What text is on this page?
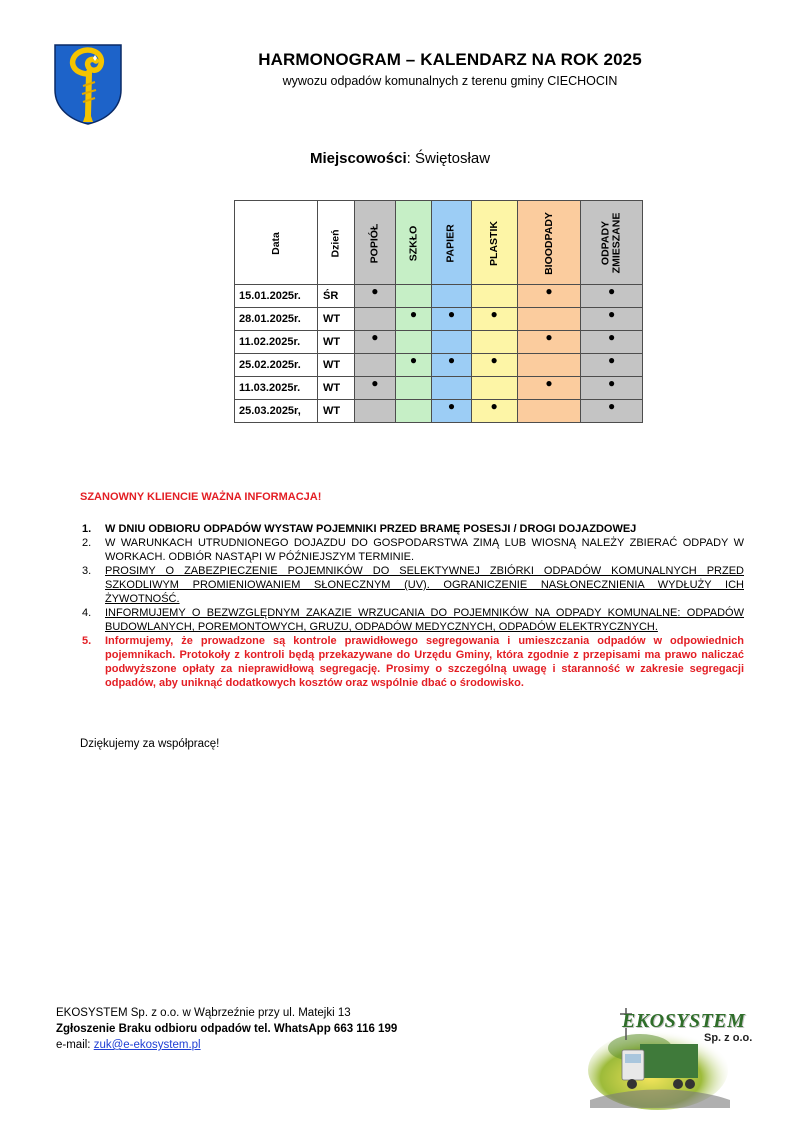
HARMONOGRAM – KALENDARZ NA ROK 2025
wywozu odpadów komunalnych z terenu gminy CIECHOCIN
Miejscowości: Świętosław
Data	Dzień	POPIÓŁ	SZKŁO	PAPIER	PLASTIK	BIOODPADY	ODPADY
ZMIESZANE
15.01.2025r.	ŚR	●				●	●
28.01.2025r.	WT		●	●	●		●
11.02.2025r.	WT	●				●	●
25.02.2025r.	WT		●	●	●		●
11.03.2025r.	WT	●				●	●
25.03.2025r,	WT			●	●		●
SZANOWNY KLIENCIE WAŻNA INFORMACJA!
1. W DNIU ODBIORU ODPADÓW WYSTAW POJEMNIKI PRZED BRAMĘ POSESJI / DROGI DOJAZDOWEJ
2. W WARUNKACH UTRUDNIONEGO DOJAZDU DO GOSPODARSTWA ZIMĄ LUB WIOSNĄ NALEŻY ZBIERAĆ ODPADY W WORKACH. ODBIÓR NASTĄPI W PÓŹNIEJSZYM TERMINIE.
3. PROSIMY O ZABEZPIECZENIE POJEMNIKÓW DO SELEKTYWNEJ ZBIÓRKI ODPADÓW KOMUNALNYCH PRZED SZKODLIWYM PROMIENIOWANIEM SŁONECZNYM (UV). OGRANICZENIE NASŁONECZNIENIA WYDŁUŻY ICH ŻYWOTNOŚĆ.
4. INFORMUJEMY O BEZWZGLĘDNYM ZAKAZIE WRZUCANIA DO POJEMNIKÓW NA ODPADY KOMUNALNE: ODPADÓW BUDOWLANYCH, POREMONTOWYCH, GRUZU, ODPADÓW MEDYCZNYCH, ODPADÓW ELEKTRYCZNYCH.
5. Informujemy, że prowadzone są kontrole prawidłowego segregowania i umieszczania odpadów w odpowiednich pojemnikach. Protokoły z kontroli będą przekazywane do Urzędu Gminy, która zgodnie z przepisami ma prawo naliczać podwyższone opłaty za nieprawidłową segregację. Prosimy o szczególną uwagę i staranność w zakresie segregacji odpadów, aby uniknąć dodatkowych kosztów oraz wspólnie dbać o środowisko.
Dziękujemy za współpracę!
EKOSYSTEM Sp. z o.o. w Wąbrzeźnie przy ul. Matejki 13
Zgłoszenie Braku odbioru odpadów tel. WhatsApp 663 116 199
e-mail: zuk@e-ekosystem.pl
EKOSYSTEM
Sp. z o.o.
